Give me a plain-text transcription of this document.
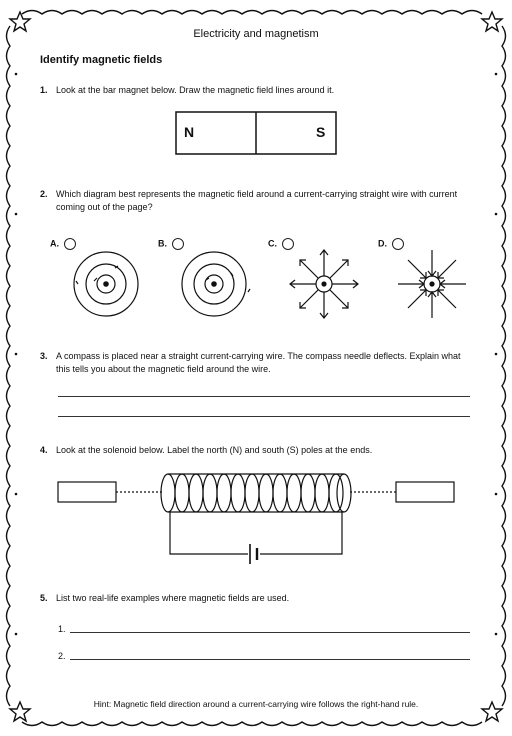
Electricity and magnetism
Identify magnetic fields
1. Look at the bar magnet below. Draw the magnetic field lines around it.
N	S
2. Which diagram best represents the magnetic field around a current-carrying straight wire with current coming out of the page?
A.	B.	C.	D.
3. A compass is placed near a straight current-carrying wire. The compass needle deflects. Explain what this tells you about the magnetic field around the wire.
4. Look at the solenoid below. Label the north (N) and south (S) poles at the ends.
5. List two real-life examples where magnetic fields are used.
1.
2.
Hint: Magnetic field direction around a current-carrying wire follows the right-hand rule.
